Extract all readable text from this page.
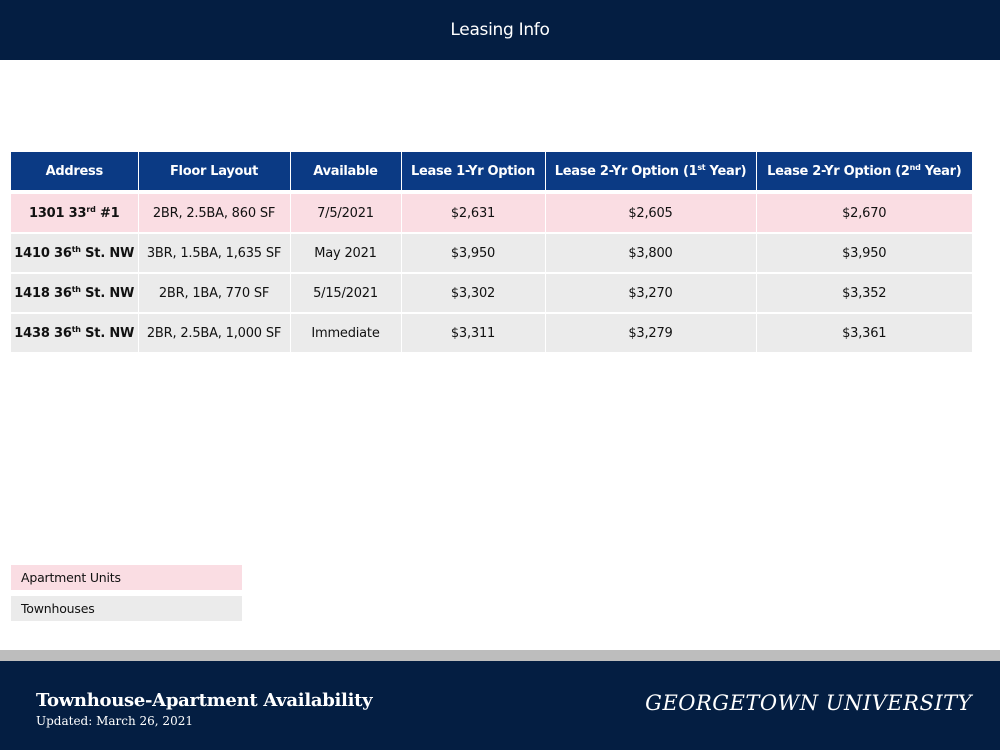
Leasing Info
Address	Floor Layout	Available	Lease 1-Yr Option	Lease 2-Yr Option (1st Year)	Lease 2-Yr Option (2nd Year)
1301 33rd #1	2BR, 2.5BA, 860 SF	7/5/2021	$2,631	$2,605	$2,670
1410 36th St. NW	3BR, 1.5BA, 1,635 SF	May 2021	$3,950	$3,800	$3,950
1418 36th St. NW	2BR, 1BA, 770 SF	5/15/2021	$3,302	$3,270	$3,352
1438 36th St. NW	2BR, 2.5BA, 1,000 SF	Immediate	$3,311	$3,279	$3,361
Apartment Units
Townhouses
Townhouse-Apartment Availability
Updated: March 26, 2021
GEORGETOWN UNIVERSITY
